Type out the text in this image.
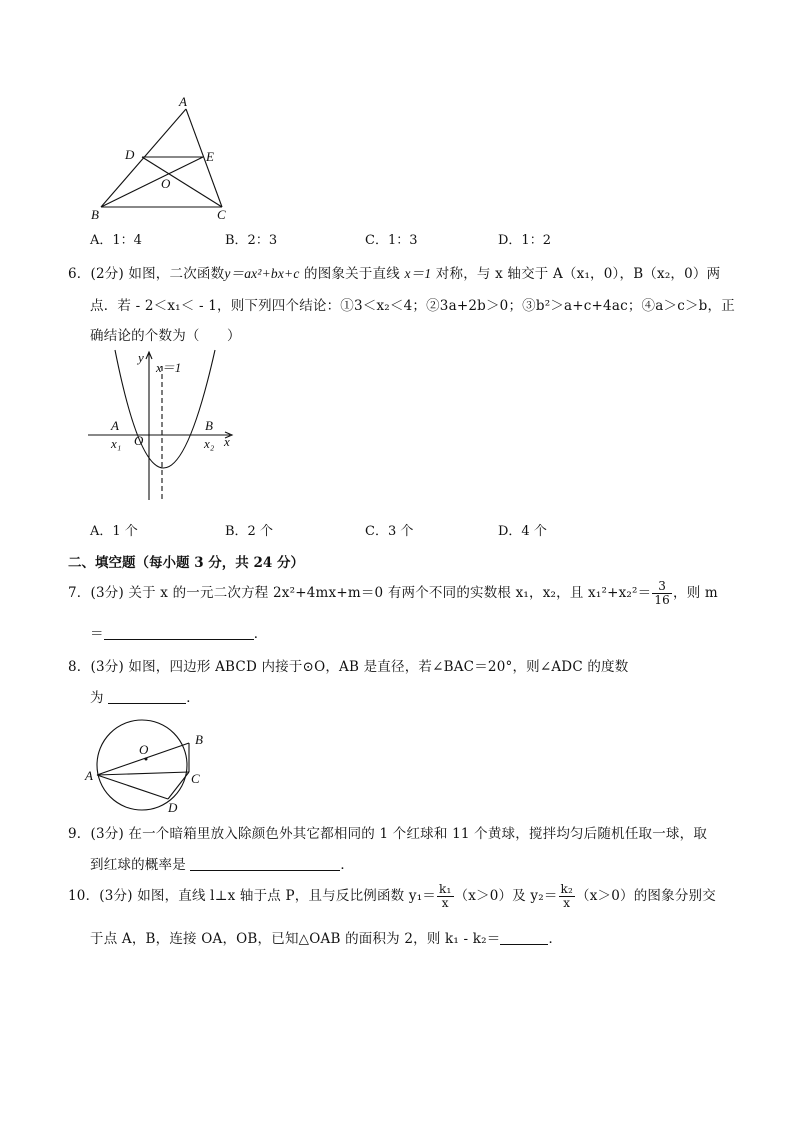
A
D	E
O
B	C
A．1：4	B．2：3	C．1：3	D．1：2
6．(2分) 如图，二次函数y＝ax²+bx+c 的图象关于直线 x＝1 对称，与 x 轴交于 A（x₁，0），B（x₂，0）两
点．若 - 2＜x₁＜ - 1，则下列四个结论：①3＜x₂＜4；②3a+2b＞0；③b²＞a+c+4ac；④a＞c＞b，正
确结论的个数为（　　）
y
x＝1
A	B
x₁ O	x₂ x
A．1 个	B．2 个	C．3 个	D．4 个
二、填空题（每小题 3 分，共 24 分）
7．(3分) 关于 x 的一元二次方程 2x²+4mx+m＝0 有两个不同的实数根 x₁，x₂，且 $x_1^2+x_2^2= \frac{3}{16}$ ，则 m
＝	．
8．(3分) 如图，四边形 ABCD 内接于⊙O，AB 是直径，若∠BAC＝20°，则∠ADC 的度数
为	．
O
B
A	C
D
9．(3分) 在一个暗箱里放入除颜色外其它都相同的 1 个红球和 11 个黄球，搅拌均匀后随机任取一球，取
到红球的概率是	．
10．(3分) 如图，直线 l⊥x 轴于点 P，且与反比例函数 $y_1= \frac{\text{k₁}}{x} (x>0)$及 $y_2= \frac{\text{k₂}}{x} (x>0)$的图象分别交
于点 A，B，连接 OA，OB，已知△OAB 的面积为 2，则 k₁ - k₂＝	．
